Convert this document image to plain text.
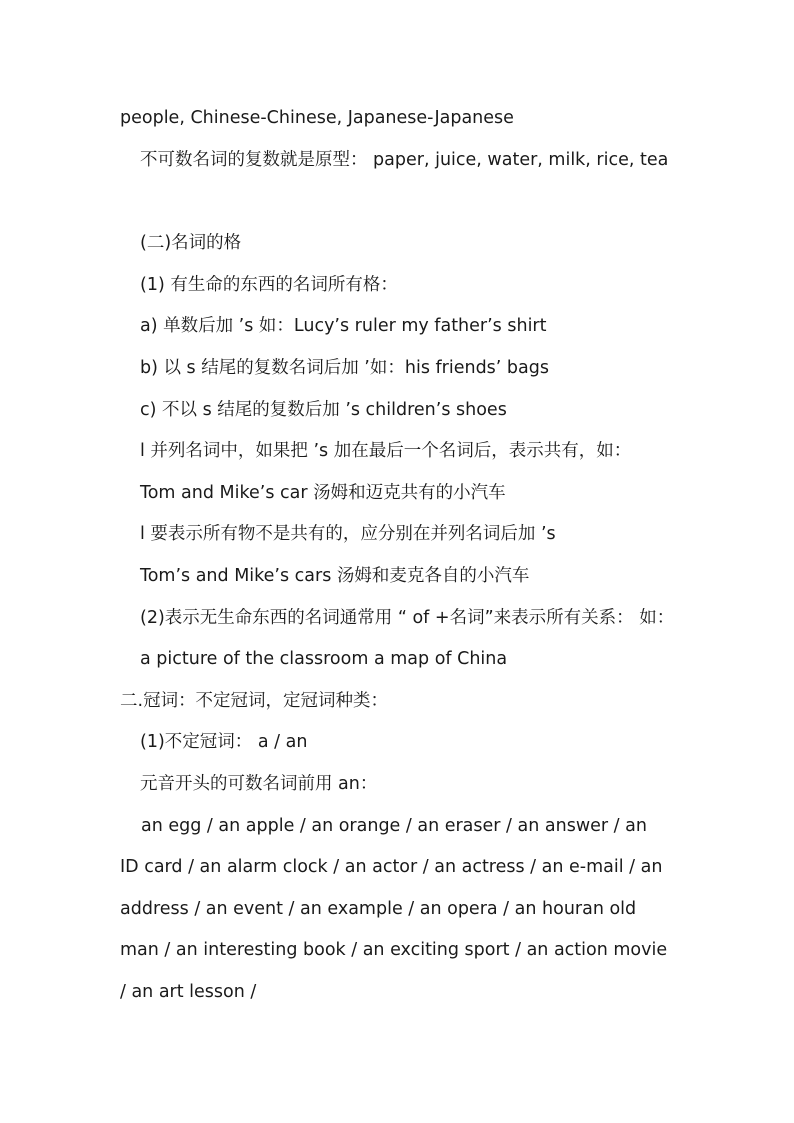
people, Chinese-Chinese, Japanese-Japanese
不可数名词的复数就是原型： paper, juice, water, milk, rice, tea
(二)名词的格
(1) 有生命的东西的名词所有格：
a) 单数后加 ’s 如：Lucy’s ruler my father’s shirt
b) 以 s 结尾的复数名词后加 ’如：his friends’ bags
c) 不以 s 结尾的复数后加 ’s children’s shoes
l 并列名词中，如果把 ’s 加在最后一个名词后，表示共有，如：
Tom and Mike’s car 汤姆和迈克共有的小汽车
l 要表示所有物不是共有的，应分别在并列名词后加 ’s
Tom’s and Mike’s cars 汤姆和麦克各自的小汽车
(2)表示无生命东西的名词通常用 “ of +名词”来表示所有关系： 如：
a picture of the classroom a map of China
二.冠词：不定冠词，定冠词种类：
(1)不定冠词： a / an
元音开头的可数名词前用 an：
an egg / an apple / an orange / an eraser / an answer / an
ID card / an alarm clock / an actor / an actress / an e-mail / an
address / an event / an example / an opera / an houran old
man / an interesting book / an exciting sport / an action movie
/ an art lesson /
